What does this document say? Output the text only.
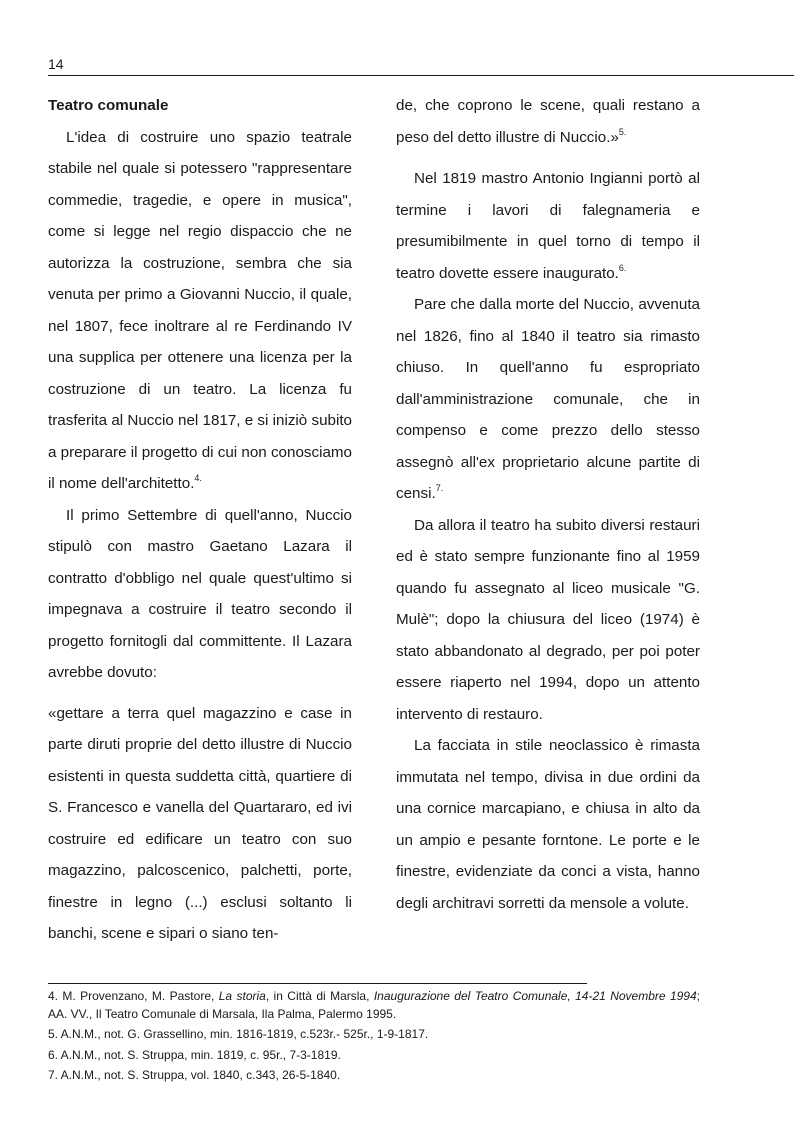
14

Teatro comunale

L'idea di costruire uno spazio teatrale stabile nel quale si potessero "rappresentare commedie, tragedie, e opere in musica", come si legge nel regio dispaccio che ne autorizza la costruzione, sembra che sia venuta per primo a Giovanni Nuccio, il quale, nel 1807, fece inoltrare al re Ferdinando IV una supplica per ottenere una licenza per la costruzione di un teatro. La licenza fu trasferita al Nuccio nel 1817, e si iniziò subito a preparare il progetto di cui non conosciamo il nome dell'architetto.$^{4.}$

Il primo Settembre di quell'anno, Nuccio stipulò con mastro Gaetano Lazara il contratto d'obbligo nel quale quest'ultimo si impegnava a costruire il teatro secondo il progetto fornitogli dal committente. Il Lazara avrebbe dovuto:

«gettare a terra quel magazzino e case in parte diruti proprie del detto illustre di Nuccio esistenti in questa suddetta città, quartiere di S. Francesco e vanella del Quartararo, ed ivi costruire ed edificare un teatro con suo magazzino, palcoscenico, palchetti, porte, finestre in legno (...) esclusi soltanto li banchi, scene e sipari o siano ten-

de, che coprono le scene, quali restano a peso del detto illustre di Nuccio.»$^{5.}$

Nel 1819 mastro Antonio Ingianni portò al termine i lavori di falegnameria e presumibilmente in quel torno di tempo il teatro dovette essere inaugurato.$^{6.}$

Pare che dalla morte del Nuccio, avvenuta nel 1826, fino al 1840 il teatro sia rimasto chiuso. In quell'anno fu espropriato dall'amministrazione comunale, che in compenso e come prezzo dello stesso assegnò all'ex proprietario alcune partite di censi.$^{7.}$

Da allora il teatro ha subito diversi restauri ed è stato sempre funzionante fino al 1959 quando fu assegnato al liceo musicale "G. Mulè"; dopo la chiusura del liceo (1974) è stato abbandonato al degrado, per poi poter essere riaperto nel 1994, dopo un attento intervento di restauro.

La facciata in stile neoclassico è rimasta immutata nel tempo, divisa in due ordini da una cornice marcapiano, e chiusa in alto da un ampio e pesante forntone. Le porte e le finestre, evidenziate da conci a vista, hanno degli architravi sorretti da mensole a volute.

4. M. Provenzano, M. Pastore, La storia, in Città di Marsla, Inaugurazione del Teatro Comunale, 14-21 Novembre 1994; AA. VV., Il Teatro Comunale di Marsala, Ila Palma, Palermo 1995.

5. A.N.M., not. G. Grassellino, min. 1816-1819, c.523r.- 525r., 1-9-1817.

6. A.N.M., not. S. Struppa, min. 1819, c. 95r., 7-3-1819.

7. A.N.M., not. S. Struppa, vol. 1840, c.343, 26-5-1840.
